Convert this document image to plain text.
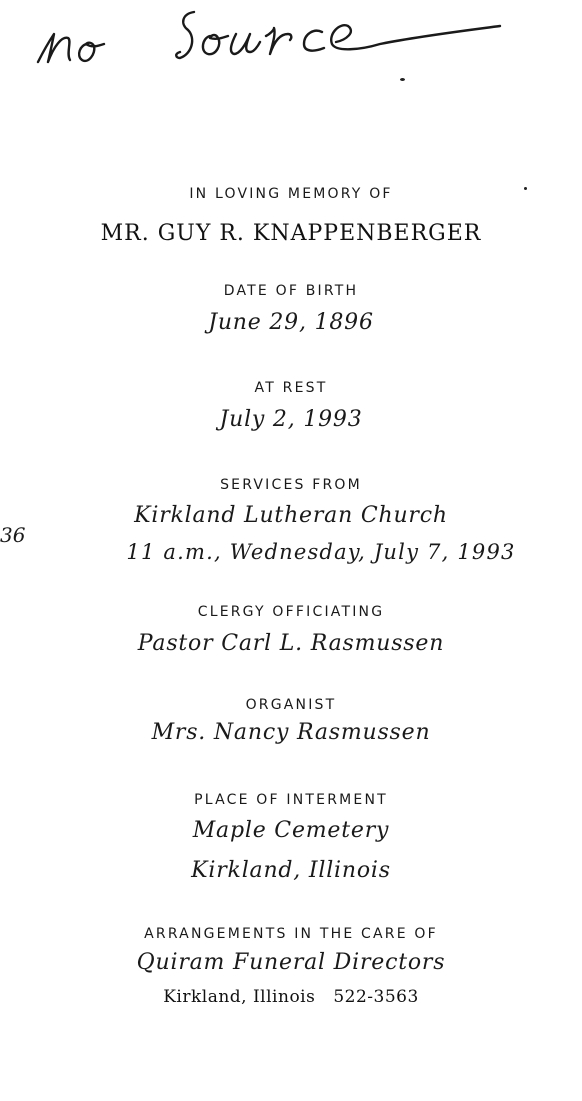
36
IN LOVING MEMORY OF
MR. GUY R. KNAPPENBERGER
DATE OF BIRTH
June 29, 1896
AT REST
July 2, 1993
SERVICES FROM
Kirkland Lutheran Church
11 a.m., Wednesday, July 7, 1993
CLERGY OFFICIATING
Pastor Carl L. Rasmussen
ORGANIST
Mrs. Nancy Rasmussen
PLACE OF INTERMENT
Maple Cemetery
Kirkland, Illinois
ARRANGEMENTS IN THE CARE OF
Quiram Funeral Directors
Kirkland, Illinois 522-3563
